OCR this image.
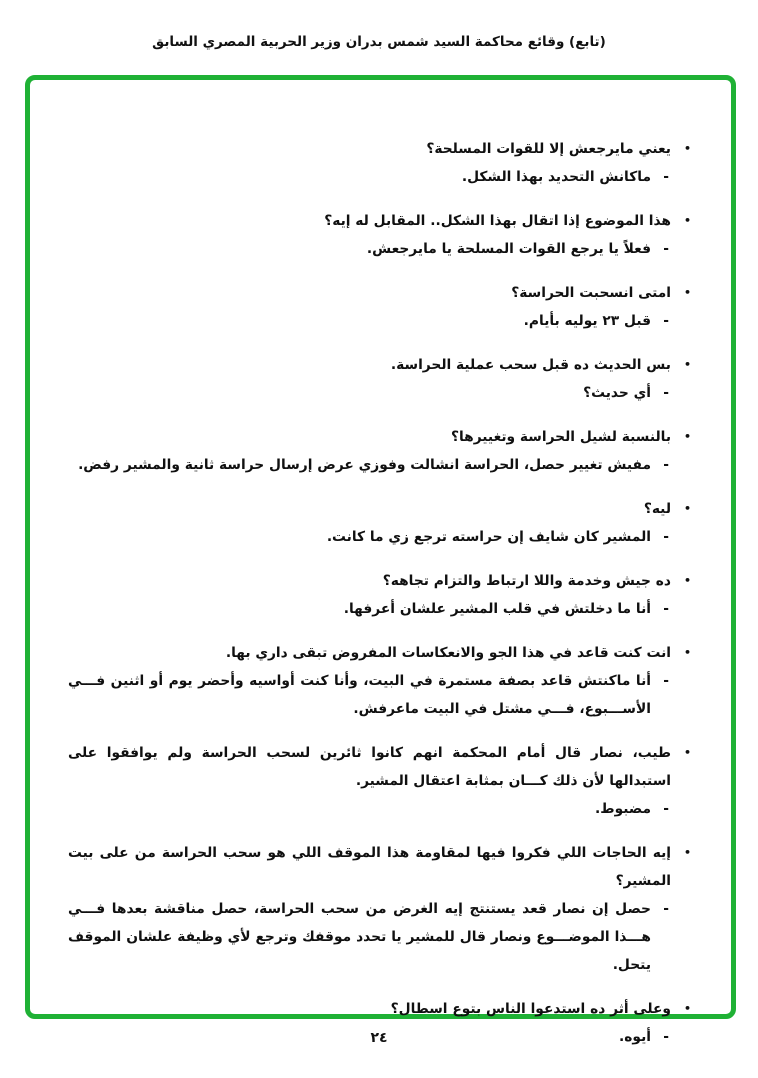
(تابع) وقائع محاكمة السيد شمس بدران وزير الحربية المصري السابق
•
يعني مايرجعش إلا للقوات المسلحة؟
-
ماكانش التحديد بهذا الشكل.
•
هذا الموضوع إذا اتقال بهذا الشكل.. المقابل له إيه؟
-
فعلاً يا يرجع القوات المسلحة يا مايرجعش.
•
امتى انسحبت الحراسة؟
-
قبل ٢٣ يوليه بأيام.
•
بس الحديث ده قبل سحب عملية الحراسة.
-
أي حديث؟
•
بالنسبة لشيل الحراسة وتغييرها؟
-
مفيش تغيير حصل، الحراسة انشالت وفوزي عرض إرسال حراسة ثانية والمشير رفض.
•
ليه؟
-
المشير كان شايف إن حراسته ترجع زي ما كانت.
•
ده جيش وخدمة واللا ارتباط والتزام تجاهه؟
-
أنا ما دخلتش في قلب المشير علشان أعرفها.
•
انت كنت قاعد في هذا الجو والانعكاسات المفروض تبقى داري بها.
-
أنا ماكنتش قاعد بصفة مستمرة في البيت، وأنا كنت أواسيه وأحضر يوم أو اثنين فـــي الأســـبوع، فـــي مشتل في البيت ماعرفش.
•
طيب، نصار قال أمام المحكمة انهم كانوا ثائرين لسحب الحراسة ولم يوافقوا على استبدالها لأن ذلك كـــان بمثابة اعتقال المشير.
-
مضبوط.
•
إيه الحاجات اللي فكروا فيها لمقاومة هذا الموقف اللي هو سحب الحراسة من على بيت المشير؟
-
حصل إن نصار قعد يستنتج إيه الغرض من سحب الحراسة، حصل مناقشة بعدها فـــي هـــذا الموضـــوع ونصار قال للمشير يا تحدد موقفك وترجع لأي وظيفة علشان الموقف يتحل.
•
وعلى أثر ده استدعوا الناس بتوع اسطال؟
-
أيوه.
٢٤
